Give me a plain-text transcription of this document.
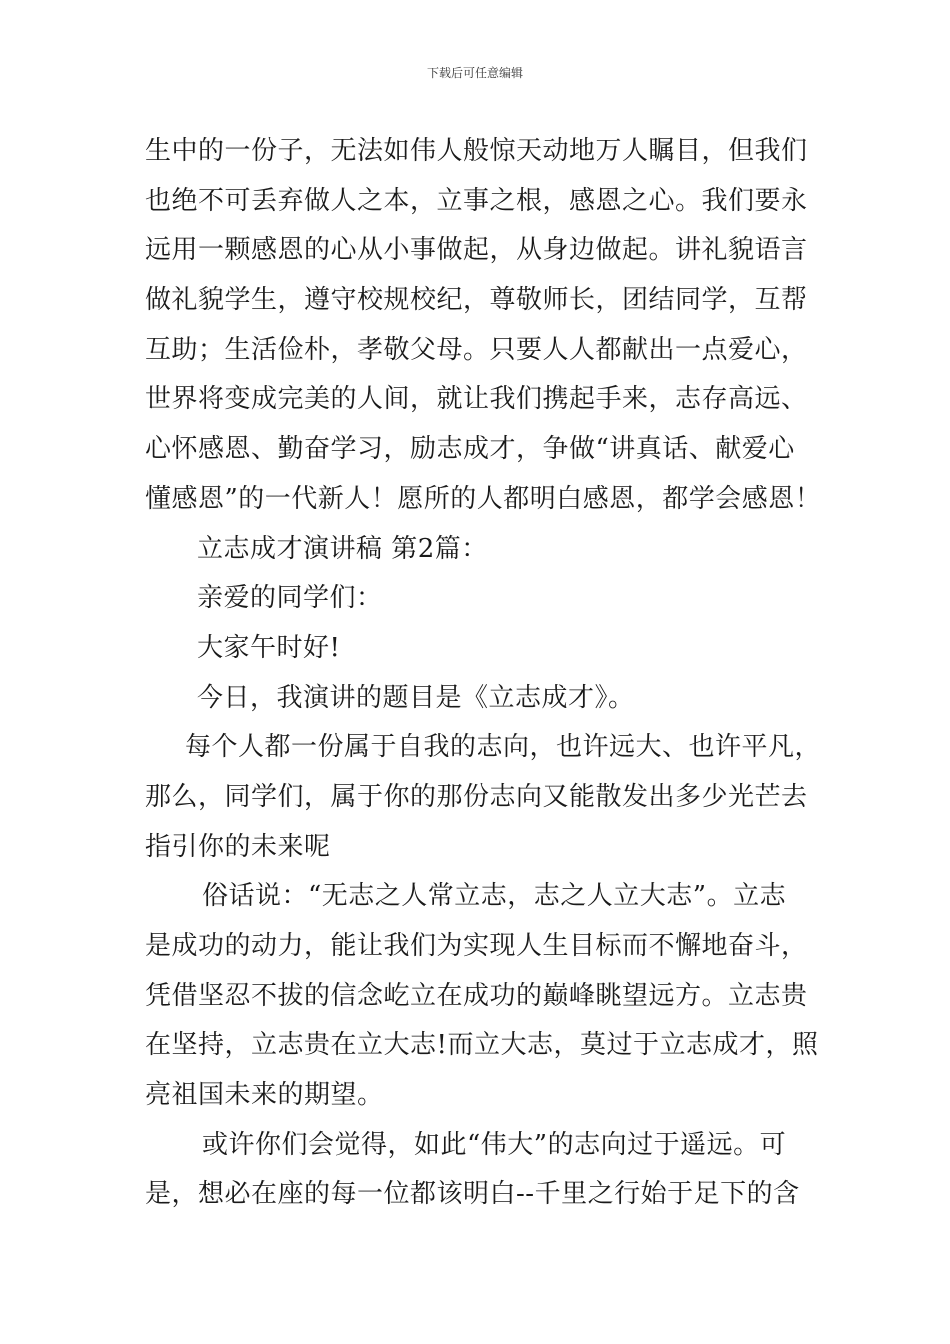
下载后可任意编辑
生中的一份子，无法如伟人般惊天动地万人瞩目，但我们
也绝不可丢弃做人之本，立事之根，感恩之心。我们要永
远用一颗感恩的心从小事做起，从身边做起。讲礼貌语言
做礼貌学生，遵守校规校纪，尊敬师长，团结同学，互帮
互助；生活俭朴，孝敬父母。只要人人都献出一点爱心，
世界将变成完美的人间，就让我们携起手来，志存高远、
心怀感恩、勤奋学习，励志成才，争做“讲真话、献爱心
懂感恩”的一代新人！愿所的人都明白感恩，都学会感恩！
立志成才演讲稿 第2篇：
亲爱的同学们：
大家午时好!
今日，我演讲的题目是《立志成才》。
每个人都一份属于自我的志向，也许远大、也许平凡，
那么，同学们，属于你的那份志向又能散发出多少光芒去
指引你的未来呢
俗话说：“无志之人常立志，志之人立大志”。立志
是成功的动力，能让我们为实现人生目标而不懈地奋斗，
凭借坚忍不拔的信念屹立在成功的巅峰眺望远方。立志贵
在坚持，立志贵在立大志!而立大志，莫过于立志成才，照
亮祖国未来的期望。
或许你们会觉得，如此“伟大”的志向过于遥远。可
是，想必在座的每一位都该明白--千里之行始于足下的含
